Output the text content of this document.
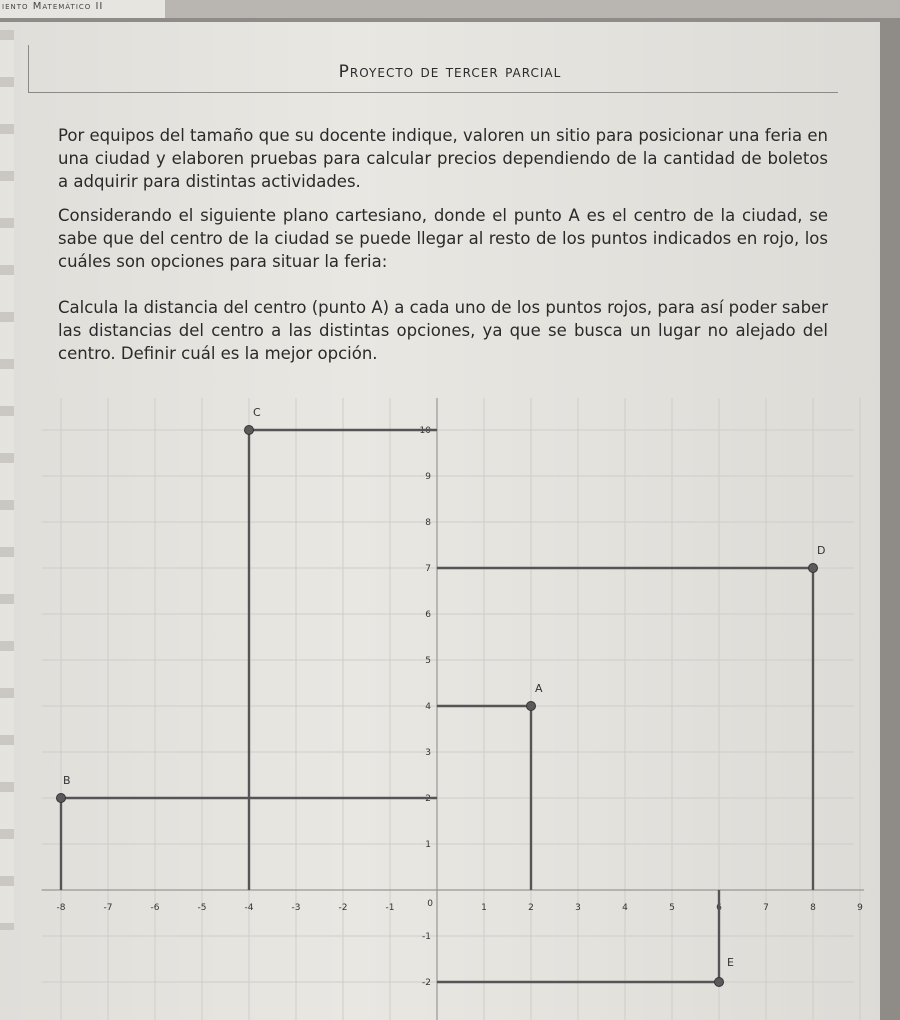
iento Matemático II
Proyecto de tercer parcial

Por equipos del tamaño que su docente indique, valoren un sitio para posicionar una feria en una ciudad y elaboren pruebas para calcular precios dependiendo de la cantidad de boletos a adquirir para distintas actividades.

Considerando el siguiente plano cartesiano, donde el punto A es el centro de la ciudad, se sabe que del centro de la ciudad se puede llegar al resto de los puntos indicados en rojo, los cuáles son opciones para situar la feria:

Calcula la distancia del centro (punto A) a cada uno de los puntos rojos, para así poder saber las distancias del centro a las distintas opciones, ya que se busca un lugar no alejado del centro. Definir cuál es la mejor opción.

-8	-7	-6	-5	-4	-3	-2	-1	0	1	2	3	4	5	6	7	8	9
10
9
8
7
6
5
4
3
2
1
-1
-2
A
B
C
D
E
